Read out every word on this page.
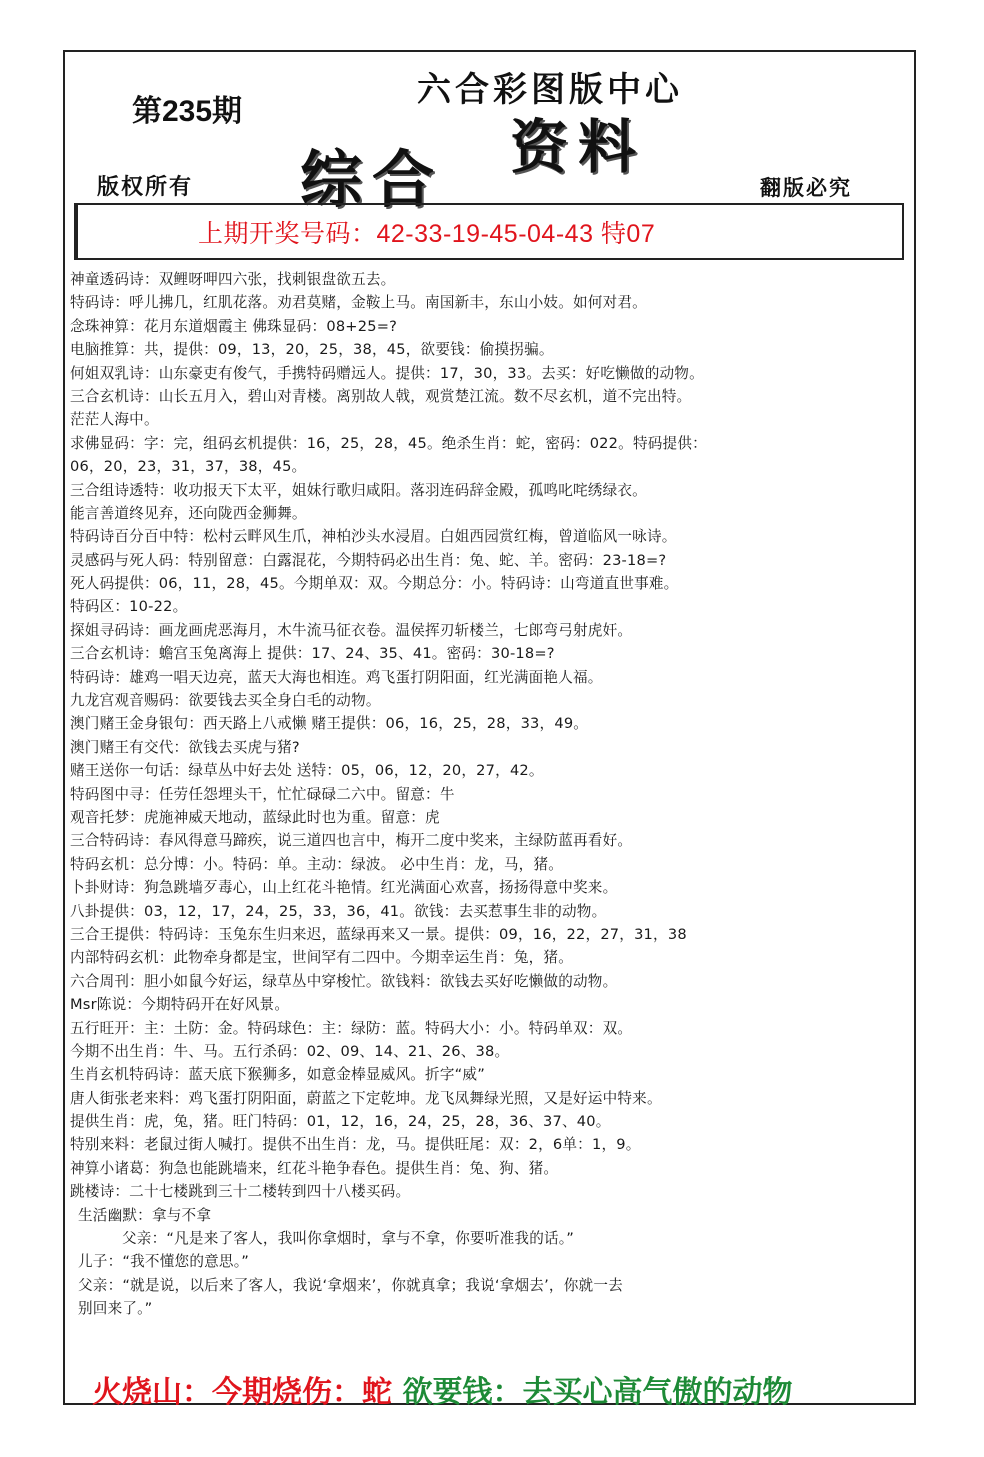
第235期
六合彩图版中心
综合 资料
版权所有	翻版必究
上期开奖号码：42-33-19-45-04-43 特07
神童透码诗：双鲤呀呷四六张，找刺银盘欲五去。
特码诗：呼儿拂几，红肌花落。劝君莫赌，金鞍上马。南国新丰，东山小妓。如何对君。
念珠神算：花月东道烟霞主 佛珠显码：08+25=?
电脑推算：共，提供：09，13，20，25，38，45，欲要钱：偷摸拐骗。
何姐双乳诗：山东豪吏有俊气，手携特码赠远人。提供：17，30，33。去买：好吃懒做的动物。
三合玄机诗：山长五月入，碧山对青楼。离别故人戟，观赏楚江流。数不尽玄机，道不完出特。
茫茫人海中。
求佛显码：字：完，组码玄机提供：16，25，28，45。绝杀生肖：蛇，密码：022。特码提供：
06，20，23，31，37，38，45。
三合组诗透特：收功报天下太平，姐妹行歌归咸阳。落羽连码辞金殿，孤鸣叱咤绣绿衣。
能言善道终见弃，还向陇西金狮舞。
特码诗百分百中特：松村云畔风生爪，神柏沙头水浸眉。白姐西园赏红梅，曾道临风一咏诗。
灵感码与死人码：特别留意：白露混花，今期特码必出生肖：兔、蛇、羊。密码：23-18=?
死人码提供：06，11，28，45。今期单双：双。今期总分：小。特码诗：山弯道直世事难。
特码区：10-22。
探姐寻码诗：画龙画虎恶海月，木牛流马征衣卷。温侯挥刃斩楼兰，七郎弯弓射虎奸。
三合玄机诗：蟾宫玉兔离海上 提供：17、24、35、41。密码：30-18=?
特码诗：雄鸡一唱天边亮，蓝天大海也相连。鸡飞蛋打阴阳面，红光满面艳人福。
九龙宫观音赐码：欲要钱去买全身白毛的动物。
澳门赌王金身银句：西天路上八戒懒 赌王提供：06，16，25，28，33，49。
澳门赌王有交代：欲钱去买虎与猪?
赌王送你一句话：绿草丛中好去处 送特：05，06，12，20，27，42。
特码图中寻：任劳任怨埋头干，忙忙碌碌二六中。留意：牛
观音托梦：虎施神威天地动，蓝绿此时也为重。留意：虎
三合特码诗：春风得意马蹄疾，说三道四也言中，梅开二度中奖来，主绿防蓝再看好。
特码玄机：总分博：小。特码：单。主动：绿波。 必中生肖：龙，马，猪。
卜卦财诗：狗急跳墙歹毒心，山上红花斗艳情。红光满面心欢喜，扬扬得意中奖来。
八卦提供：03，12，17，24，25，33，36，41。欲钱：去买惹事生非的动物。
三合王提供：特码诗：玉兔东生归来迟，蓝绿再来又一景。提供：09，16，22，27，31，38
内部特码玄机：此物牵身都是宝，世间罕有二四中。今期幸运生肖：兔，猪。
六合周刊：胆小如鼠今好运，绿草丛中穿梭忙。欲钱料：欲钱去买好吃懒做的动物。
Msr陈说：今期特码开在好风景。
五行旺开：主：土防：金。特码球色：主：绿防：蓝。特码大小：小。特码单双：双。
今期不出生肖：牛、马。五行杀码：02、09、14、21、26、38。
生肖玄机特码诗：蓝天底下猴狮多，如意金棒显威风。折字“威”
唐人街张老来料：鸡飞蛋打阴阳面，蔚蓝之下定乾坤。龙飞凤舞绿光照，又是好运中特来。
提供生肖：虎，兔，猪。旺门特码：01，12，16，24，25，28，36、37、40。
特别来料：老鼠过街人喊打。提供不出生肖：龙，马。提供旺尾：双：2，6单：1，9。
神算小诸葛：狗急也能跳墙来，红花斗艳争春色。提供生肖：兔、狗、猪。
跳楼诗：二十七楼跳到三十二楼转到四十八楼买码。
生活幽默：拿与不拿
父亲：“凡是来了客人，我叫你拿烟时，拿与不拿，你要听准我的话。”
儿子：“我不懂您的意思。”
父亲：“就是说，以后来了客人，我说‘拿烟来’，你就真拿；我说‘拿烟去’，你就一去
别回来了。”
火烧山：今期烧伤：蛇 欲要钱：去买心高气傲的动物
